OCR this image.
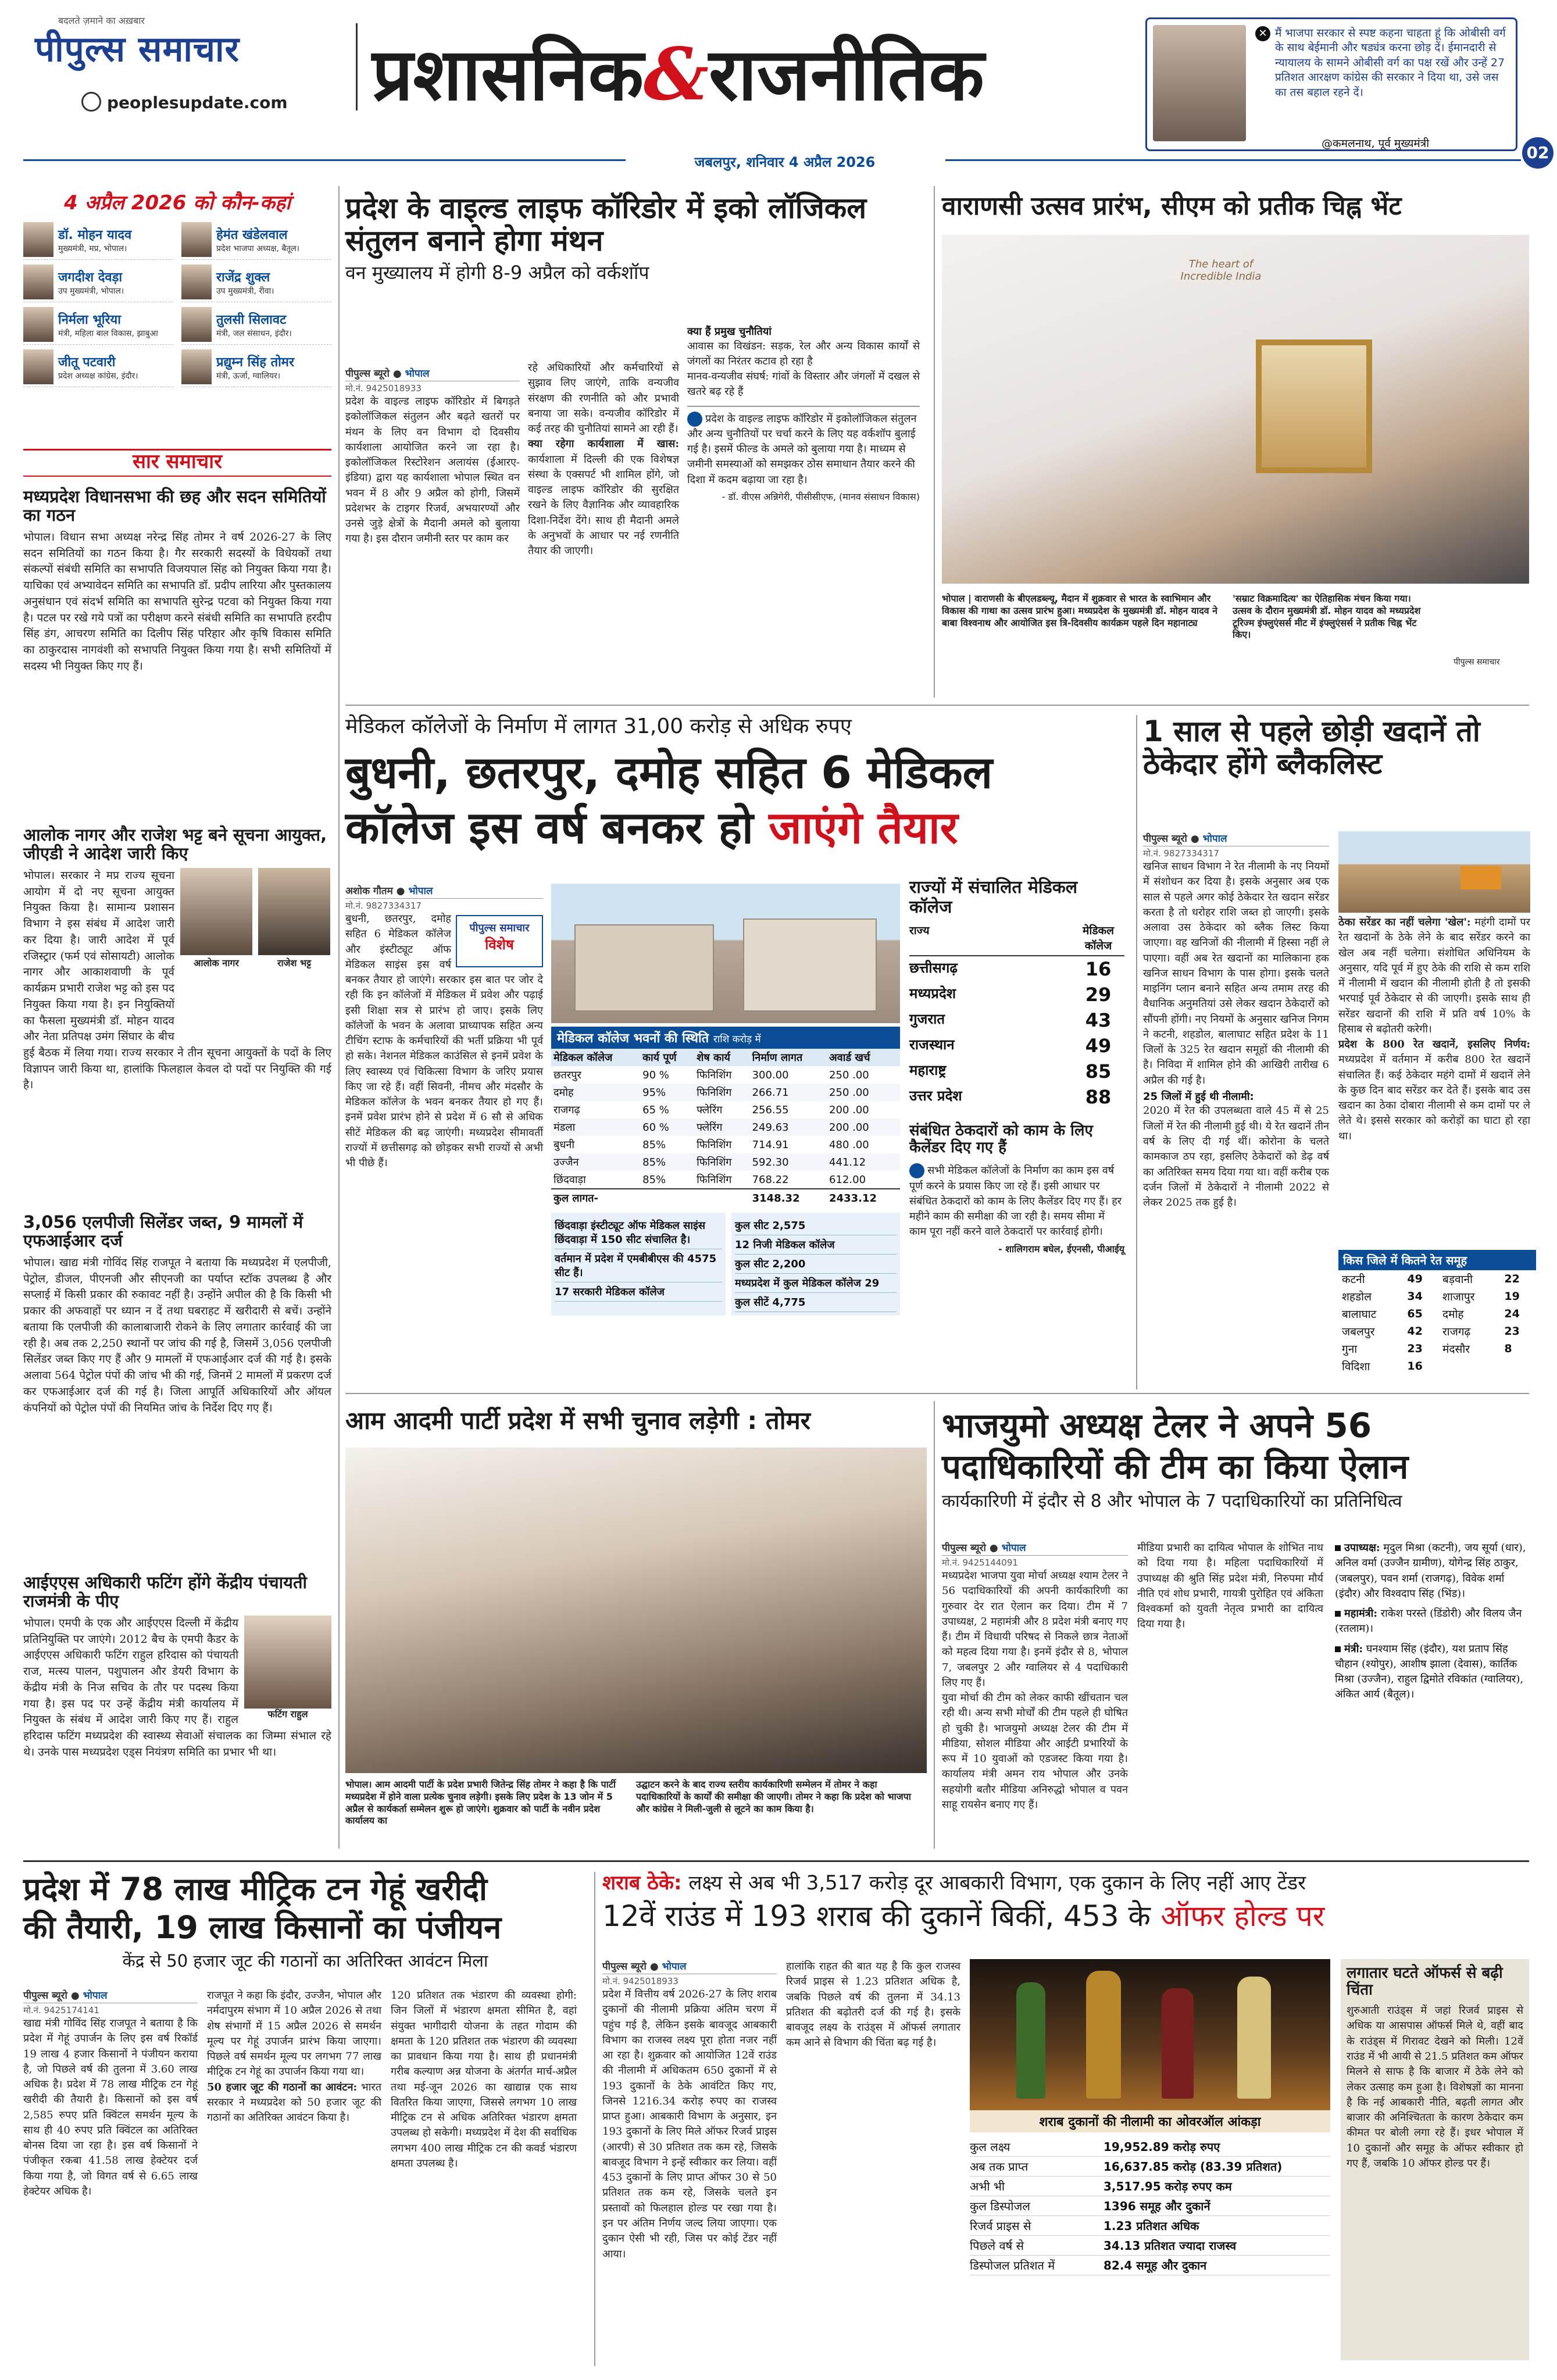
बदलते ज़माने का अख़बार
पीपुल्स समाचार
peoplesupdate.com प्रशासनिक&राजनीतिक
जबलपुर, शनिवार 4 अप्रैल 2026
✕ मैं भाजपा सरकार से स्पष्ट कहना चाहता हूं कि ओबीसी वर्ग के साथ बेईमानी और षड्यंत्र करना छोड़ दें। ईमानदारी से न्यायालय के सामने ओबीसी वर्ग का पक्ष रखें और उन्हें 27 प्रतिशत आरक्षण कांग्रेस की सरकार ने दिया था, उसे जस का तस बहाल रहने दें।
@कमलनाथ, पूर्व मुख्यमंत्री	02
4 अप्रैल 2026 को कौन-कहां
डॉ. मोहन यादव
मुख्यमंत्री, मप्र, भोपाल।
हेमंत खंडेलवाल
प्रदेश भाजपा अध्यक्ष, बैतूल।
जगदीश देवड़ा
उप मुख्यमंत्री, भोपाल।
राजेंद्र शुक्ल
उप मुख्यमंत्री, रीवा।
निर्मला भूरिया
मंत्री, महिला बाल विकास, झाबुआ
तुलसी सिलावट
मंत्री, जल संसाधन, इंदौर।
जीतू पटवारी
प्रदेश अध्यक्ष कांग्रेस, इंदौर।
प्रद्युम्न सिंह तोमर
मंत्री, ऊर्जा, ग्वालियर।
सार समाचार
मध्यप्रदेश विधानसभा की छह और सदन समितियों का गठन
भोपाल। विधान सभा अध्यक्ष नरेन्द्र सिंह तोमर ने वर्ष 2026-27 के लिए सदन समितियों का गठन किया है। गैर सरकारी सदस्यों के विधेयकों तथा संकल्पों संबंधी समिति का सभापति विजयपाल सिंह को नियुक्त किया गया है। याचिका एवं अभ्यावेदन समिति का सभापति डॉ. प्रदीप लारिया और पुस्तकालय अनुसंधान एवं संदर्भ समिति का सभापति सुरेन्द्र पटवा को नियुक्त किया गया है। पटल पर रखे गये पत्रों का परीक्षण करने संबंधी समिति का सभापति हरदीप सिंह डंग, आचरण समिति का दिलीप सिंह परिहार और कृषि विकास समिति का ठाकुरदास नागवंशी को सभापति नियुक्त किया गया है। सभी समितियों में सदस्य भी नियुक्त किए गए हैं।
आलोक नागर और राजेश भट्ट बने सूचना आयुक्त, जीएडी ने आदेश जारी किए
आलोक नागर	राजेश भट्ट
भोपाल। सरकार ने मप्र राज्य सूचना आयोग में दो नए सूचना आयुक्त नियुक्त किया है। सामान्य प्रशासन विभाग ने इस संबंध में आदेश जारी कर दिया है। जारी आदेश में पूर्व रजिस्ट्रार (फर्म एवं सोसायटी) आलोक नागर और आकाशवाणी के पूर्व कार्यक्रम प्रभारी राजेश भट्ट को इस पद नियुक्त किया गया है। इन नियुक्तियों का फैसला मुख्यमंत्री डॉ. मोहन यादव और नेता प्रतिपक्ष उमंग सिंघार के बीच हुई बैठक में लिया गया। राज्य सरकार ने तीन सूचना आयुक्तों के पदों के लिए विज्ञापन जारी किया था, हालांकि फिलहाल केवल दो पदों पर नियुक्ति की गई है।
3,056 एलपीजी सिलेंडर जब्त, 9 मामलों में एफआईआर दर्ज
भोपाल। खाद्य मंत्री गोविंद सिंह राजपूत ने बताया कि मध्यप्रदेश में एलपीजी, पेट्रोल, डीजल, पीएनजी और सीएनजी का पर्याप्त स्टॉक उपलब्ध है और सप्लाई में किसी प्रकार की रुकावट नहीं है। उन्होंने अपील की है कि किसी भी प्रकार की अफवाहों पर ध्यान न दें तथा घबराहट में खरीदारी से बचें। उन्होंने बताया कि एलपीजी की कालाबाजारी रोकने के लिए लगातार कार्रवाई की जा रही है। अब तक 2,250 स्थानों पर जांच की गई है, जिसमें 3,056 एलपीजी सिलेंडर जब्त किए गए हैं और 9 मामलों में एफआईआर दर्ज की गई है। इसके अलावा 564 पेट्रोल पंपों की जांच भी की गई, जिनमें 2 मामलों में प्रकरण दर्ज कर एफआईआर दर्ज की गई है। जिला आपूर्ति अधिकारियों और ऑयल कंपनियों को पेट्रोल पंपों की नियमित जांच के निर्देश दिए गए हैं।
आईएएस अधिकारी फटिंग होंगे केंद्रीय पंचायती राजमंत्री के पीए
फटिंग राहुल
भोपाल। एमपी के एक और आईएएस दिल्ली में केंद्रीय प्रतिनियुक्ति पर जाएंगे। 2012 बैच के एमपी कैडर के आईएएस अधिकारी फटिंग राहुल हरिदास को पंचायती राज, मत्स्य पालन, पशुपालन और डेयरी विभाग के केंद्रीय मंत्री के निज सचिव के तौर पर पदस्थ किया गया है। इस पद पर उन्हें केंद्रीय मंत्री कार्यालय में नियुक्त के संबंध में आदेश जारी किए गए हैं। राहुल हरिदास फटिंग मध्यप्रदेश की स्वास्थ्य सेवाओं संचालक का जिम्मा संभाल रहे थे। उनके पास मध्यप्रदेश एड्स नियंत्रण समिति का प्रभार भी था।
प्रदेश के वाइल्ड लाइफ कॉरिडोर में इको लॉजिकल संतुलन बनाने होगा मंथन
वन मुख्यालय में होगी 8-9 अप्रैल को वर्कशॉप
पीपुल्स ब्यूरो ● भोपाल
मो.नं. 9425018933
प्रदेश के वाइल्ड लाइफ कॉरिडोर में बिगड़ते इकोलॉजिकल संतुलन और बढ़ते खतरों पर मंथन के लिए वन विभाग दो दिवसीय कार्यशाला आयोजित करने जा रहा है। इकोलॉजिकल रिस्टोरेशन अलायंस (ईआरए-इंडिया) द्वारा यह कार्यशाला भोपाल स्थित वन भवन में 8 और 9 अप्रैल को होगी, जिसमें प्रदेशभर के टाइगर रिजर्व, अभयारण्यों और उनसे जुड़े क्षेत्रों के मैदानी अमले को बुलाया गया है। इस दौरान जमीनी स्तर पर काम कर
रहे अधिकारियों और कर्मचारियों से सुझाव लिए जाएंगे, ताकि वन्यजीव संरक्षण की रणनीति को और प्रभावी बनाया जा सके। वन्यजीव कॉरिडोर में कई तरह की चुनौतियां सामने आ रही हैं।
क्या रहेगा कार्यशाला में खास: कार्यशाला में दिल्ली की एक विशेषज्ञ संस्था के एक्सपर्ट भी शामिल होंगे, जो वाइल्ड लाइफ कॉरिडोर की सुरक्षित रखने के लिए वैज्ञानिक और व्यावहारिक दिशा-निर्देश देंगे। साथ ही मैदानी अमले के अनुभवों के आधार पर नई रणनीति तैयार की जाएगी।
क्या हैं प्रमुख चुनौतियां
आवास का विखंडन: सड़क, रेल और अन्य विकास कार्यों से जंगलों का निरंतर कटाव हो रहा है
मानव-वन्यजीव संघर्ष: गांवों के विस्तार और जंगलों में दखल से खतरे बढ़ रहे हैं
प्रदेश के वाइल्ड लाइफ कॉरिडोर में इकोलॉजिकल संतुलन और अन्य चुनौतियों पर चर्चा करने के लिए यह वर्कशॉप बुलाई गई है। इसमें फील्ड के अमले को बुलाया गया है। माध्यम से जमीनी समस्याओं को समझकर ठोस समाधान तैयार करने की दिशा में कदम बढ़ाया जा रहा है।
- डॉ. वीएस अन्निगेरी, पीसीसीएफ, (मानव संसाधन विकास)
वाराणसी उत्सव प्रारंभ, सीएम को प्रतीक चिह्न भेंट
The heart of Incredible India
भोपाल | वाराणसी के बीएलडब्ल्यू, मैदान में शुक्रवार से भारत के स्वाभिमान और विकास की गाथा का उत्सव प्रारंभ हुआ। मध्यप्रदेश के मुख्यमंत्री डॉ. मोहन यादव ने बाबा विश्वनाथ और आयोजित इस त्रि-दिवसीय कार्यक्रम पहले दिन महानाट्य
'सम्राट विक्रमादित्य' का ऐतिहासिक मंचन किया गया। उत्सव के दौरान मुख्यमंत्री डॉ. मोहन यादव को मध्यप्रदेश टूरिज्म इंफ्लुएंसर्स मीट में इंफ्लुएंसर्स ने प्रतीक चिह्न भेंट किए।
पीपुल्स समाचार
मेडिकल कॉलेजों के निर्माण में लागत 31,00 करोड़ से अधिक रुपए
बुधनी, छतरपुर, दमोह सहित 6 मेडिकल
कॉलेज इस वर्ष बनकर हो जाएंगे तैयार
अशोक गौतम ● भोपाल
मो.नं. 9827334317
पीपुल्स समाचार
विशेष
बुधनी, छतरपुर, दमोह सहित 6 मेडिकल कॉलेज और इंस्टीट्यूट ऑफ मेडिकल साइंस इस वर्ष बनकर तैयार हो जाएंगे। सरकार इस बात पर जोर दे रही कि इन कॉलेजों में मेडिकल में प्रवेश और पढ़ाई इसी शिक्षा सत्र से प्रारंभ हो जाए। इसके लिए कॉलेजों के भवन के अलावा प्राध्यापक सहित अन्य टीचिंग स्टाफ के कर्मचारियों की भर्ती प्रक्रिया भी पूर्व हो सके। नेशनल मेडिकल काउंसिल से इनमें प्रवेश के लिए स्वास्थ्य एवं चिकित्सा विभाग के जरिए प्रयास किए जा रहे हैं। वहीं सिवनी, नीमच और मंदसौर के मेडिकल कॉलेज के भवन बनकर तैयार हो गए हैं। इनमें प्रवेश प्रारंभ होने से प्रदेश में 6 सौ से अधिक सीटें मेडिकल की बढ़ जाएंगी। मध्यप्रदेश सीमावर्ती राज्यों में छत्तीसगढ़ को छोड़कर सभी राज्यों से अभी भी पीछे हैं।
मेडिकल कॉलेज भवनों की स्थिति राशि करोड़ में
मेडिकल कॉलेज	कार्य पूर्ण	शेष कार्य	निर्माण लागत	अवार्ड खर्च
छतरपुर	90 %	फिनिशिंग	300.00	250 .00
दमोह	95%	फिनिशिंग	266.71	250 .00
राजगढ़	65 %	फ्लेरिंग	256.55	200 .00
मंडला	60 %	फ्लेरिंग	249.63	200 .00
बुधनी	85%	फिनिशिंग	714.91	480 .00
उज्जैन	85%	फिनिशिंग	592.30	441.12
छिंदवाड़ा	85%	फिनिशिंग	768.22	612.00
कुल लागत-			3148.32	2433.12
छिंदवाड़ा इंस्टीट्यूट ऑफ मेडिकल साइंस छिंदवाड़ा में 150 सीट संचालित है।
वर्तमान में प्रदेश में एमबीबीएस की 4575 सीट हैं।
17 सरकारी मेडिकल कॉलेज
कुल सीट 2,575
12 निजी मेडिकल कॉलेज
कुल सीट 2,200
मध्यप्रदेश में कुल मेडिकल कॉलेज 29
कुल सीटें 4,775
राज्यों में संचालित मेडिकल कॉलेज
राज्य	मेडिकल कॉलेज
छत्तीसगढ़	16
मध्यप्रदेश	29
गुजरात	43
राजस्थान	49
महाराष्ट्र	85
उत्तर प्रदेश	88
संबंधित ठेकदारों को काम के लिए कैलेंडर दिए गए हैं
सभी मेडिकल कॉलेजों के निर्माण का काम इस वर्ष पूर्ण करने के प्रयास किए जा रहे हैं। इसी आधार पर संबंधित ठेकदारों को काम के लिए कैलेंडर दिए गए हैं। हर महीने काम की समीक्षा की जा रही है। समय सीमा में काम पूरा नहीं करने वाले ठेकदारों पर कार्रवाई होगी।
- शालिगराम बघेल, ईएनसी, पीआईयू
1 साल से पहले छोड़ी खदानें तो ठेकेदार होंगे ब्लैकलिस्ट
पीपुल्स ब्यूरो ● भोपाल
मो.नं. 9827334317
खनिज साधन विभाग ने रेत नीलामी के नए नियमों में संशोधन कर दिया है। इसके अनुसार अब एक साल से पहले अगर कोई ठेकेदार रेत खदान सरेंडर करता है तो धरोहर राशि जब्त हो जाएगी। इसके अलावा उस ठेकेदार को ब्लैक लिस्ट किया जाएगा। वह खनिजों की नीलामी में हिस्सा नहीं ले पाएगा। वहीं अब रेत खदानों का मालिकाना हक खनिज साधन विभाग के पास होगा। इसके चलते माइनिंग प्लान बनाने सहित अन्य तमाम तरह की वैधानिक अनुमतियां उसे लेकर खदान ठेकेदारों को सौंपनी होंगी। नए नियमों के अनुसार खनिज निगम ने कटनी, शहडोल, बालाघाट सहित प्रदेश के 11 जिलों के 325 रेत खदान समूहों की नीलामी की है। निविदा में शामिल होने की आखिरी तारीख 6 अप्रैल की गई है।
25 जिलों में हुई थी नीलामी:
2020 में रेत की उपलब्धता वाले 45 में से 25 जिलों में रेत की नीलामी हुई थी। ये रेत खदानें तीन वर्ष के लिए दी गई थीं। कोरोना के चलते कामकाज ठप रहा, इसलिए ठेकेदारों को डेढ़ वर्ष का अतिरिक्त समय दिया गया था। वहीं करीब एक दर्जन जिलों में ठेकेदारों ने नीलामी 2022 से लेकर 2025 तक हुई है।
ठेका सरेंडर का नहीं चलेगा 'खेल': महंगी दामों पर रेत खदानों के ठेके लेने के बाद सरेंडर करने का खेल अब नहीं चलेगा। संशोधित अधिनियम के अनुसार, यदि पूर्व में हुए ठेके की राशि से कम राशि में नीलामी में खदान की नीलामी होती है तो इसकी भरपाई पूर्व ठेकेदार से की जाएगी। इसके साथ ही सरेंडर खदानों की राशि में प्रति वर्ष 10% के हिसाब से बढ़ोतरी करेगी।
प्रदेश के 800 रेत खदानें, इसलिए निर्णय: मध्यप्रदेश में वर्तमान में करीब 800 रेत खदानें संचालित हैं। कई ठेकेदार महंगे दामों में खदानें लेने के कुछ दिन बाद सरेंडर कर देते हैं। इसके बाद उस खदान का ठेका दोबारा नीलामी से कम दामों पर ले लेते थे। इससे सरकार को करोड़ों का घाटा हो रहा था।
किस जिले में कितने रेत समूह
कटनी	49	बड़वानी	22
शहडोल	34	शाजापुर	19
बालाघाट	65	दमोह	24
जबलपुर	42	राजगढ़	23
गुना	23	मंदसौर	8
विदिशा	16		
आम आदमी पार्टी प्रदेश में सभी चुनाव लड़ेगी : तोमर
भोपाल। आम आदमी पार्टी के प्रदेश प्रभारी जितेन्द्र सिंह तोमर ने कहा है कि पार्टी मध्यप्रदेश में होने वाला प्रत्येक चुनाव लड़ेगी। इसके लिए प्रदेश के 13 जोन में 5 अप्रैल से कार्यकर्ता सम्मेलन शुरू हो जाएंगे। शुक्रवार को पार्टी के नवीन प्रदेश कार्यालय का
उद्घाटन करने के बाद राज्य स्तरीय कार्यकारिणी सम्मेलन में तोमर ने कहा पदाधिकारियों के कार्यों की समीक्षा की जाएगी। तोमर ने कहा कि प्रदेश को भाजपा और कांग्रेस ने मिली-जुली से लूटने का काम किया है।
भाजयुमो अध्यक्ष टेलर ने अपने 56
पदाधिकारियों की टीम का किया ऐलान
कार्यकारिणी में इंदौर से 8 और भोपाल के 7 पदाधिकारियों का प्रतिनिधित्व
पीपुल्स ब्यूरो ● भोपाल
मो.नं. 9425144091
मध्यप्रदेश भाजपा युवा मोर्चा अध्यक्ष श्याम टेलर ने 56 पदाधिकारियों की अपनी कार्यकारिणी का गुरुवार देर रात ऐलान कर दिया। टीम में 7 उपाध्यक्ष, 2 महामंत्री और 8 प्रदेश मंत्री बनाए गए हैं। टीम में विधायी परिषद से निकले छात्र नेताओं को महत्व दिया गया है। इनमें इंदौर से 8, भोपाल 7, जबलपुर 2 और ग्वालियर से 4 पदाधिकारी लिए गए हैं।
युवा मोर्चा की टीम को लेकर काफी खींचतान चल रही थी। अन्य सभी मोर्चों की टीम पहले ही घोषित हो चुकी है। भाजयुमो अध्यक्ष टेलर की टीम में मीडिया, सोशल मीडिया और आईटी प्रभारियों के रूप में 10 युवाओं को एडजस्ट किया गया है। कार्यालय मंत्री अमन राय भोपाल और उनके सहयोगी बतौर मीडिया अनिरुद्धो भोपाल व पवन साहू रायसेन बनाए गए हैं।
मीडिया प्रभारी का दायित्व भोपाल के शोभित नाथ को दिया गया है। महिला पदाधिकारियों में उपाध्यक्ष की श्रुति सिंह प्रदेश मंत्री, निरुपमा मौर्य नीति एवं शोध प्रभारी, गायत्री पुरोहित एवं अंकिता विश्वकर्मा को युवती नेतृत्व प्रभारी का दायित्व दिया गया है।
उपाध्यक्ष: मृदुल मिश्रा (कटनी), जय सूर्या (धार), अनिल वर्मा (उज्जैन ग्रामीण), योगेन्द्र सिंह ठाकुर, (जबलपुर), पवन शर्मा (राजगढ़), विवेक शर्मा (इंदौर) और विश्वदाप सिंह (भिंड)।
महामंत्री: राकेश परस्ते (डिंडोरी) और विलय जैन (रतलाम)।
मंत्री: घनश्याम सिंह (इंदौर), यश प्रताप सिंह चौहान (श्योपुर), आशीष झाला (देवास), कार्तिक मिश्रा (उज्जैन), राहुल द्विमोते रविकांत (ग्वालियर), अंकित आर्य (बैतूल)।
प्रदेश में 78 लाख मीट्रिक टन गेहूं खरीदी
की तैयारी, 19 लाख किसानों का पंजीयन
केंद्र से 50 हजार जूट की गठानों का अतिरिक्त आवंटन मिला
पीपुल्स ब्यूरो ● भोपाल
मो.नं. 9425174141
खाद्य मंत्री गोविंद सिंह राजपूत ने बताया है कि प्रदेश में गेहूं उपार्जन के लिए इस वर्ष रिकॉर्ड 19 लाख 4 हजार किसानों ने पंजीयन कराया है, जो पिछले वर्ष की तुलना में 3.60 लाख अधिक है। प्रदेश में 78 लाख मीट्रिक टन गेहूं खरीदी की तैयारी है। किसानों को इस वर्ष 2,585 रुपए प्रति क्विंटल समर्थन मूल्य के साथ ही 40 रुपए प्रति क्विंटल का अतिरिक्त बोनस दिया जा रहा है। इस वर्ष किसानों ने पंजीकृत रकबा 41.58 लाख हेक्टेयर दर्ज किया गया है, जो विगत वर्ष से 6.65 लाख हेक्टेयर अधिक है।
राजपूत ने कहा कि इंदौर, उज्जैन, भोपाल और नर्मदापुरम संभाग में 10 अप्रैल 2026 से तथा शेष संभागों में 15 अप्रैल 2026 से समर्थन मूल्य पर गेहूं उपार्जन प्रारंभ किया जाएगा। पिछले वर्ष समर्थन मूल्य पर लगभग 77 लाख मीट्रिक टन गेहूं का उपार्जन किया गया था।
50 हजार जूट की गठानों का आवंटन: भारत सरकार ने मध्यप्रदेश को 50 हजार जूट की गठानों का अतिरिक्त आवंटन किया है।
120 प्रतिशत तक भंडारण की व्यवस्था होगी: जिन जिलों में भंडारण क्षमता सीमित है, वहां संयुक्त भागीदारी योजना के तहत गोदाम की क्षमता के 120 प्रतिशत तक भंडारण की व्यवस्था का प्रावधान किया गया है। साथ ही प्रधानमंत्री गरीब कल्याण अन्न योजना के अंतर्गत मार्च-अप्रैल तथा मई-जून 2026 का खाद्यान्न एक साथ वितरित किया जाएगा, जिससे लगभग 10 लाख मीट्रिक टन से अधिक अतिरिक्त भंडारण क्षमता उपलब्ध हो सकेगी। मध्यप्रदेश में देश की सर्वाधिक लगभग 400 लाख मीट्रिक टन की कवर्ड भंडारण क्षमता उपलब्ध है।
शराब ठेके: लक्ष्य से अब भी 3,517 करोड़ दूर आबकारी विभाग, एक दुकान के लिए नहीं आए टेंडर
12वें राउंड में 193 शराब की दुकानें बिकीं, 453 के ऑफर होल्ड पर
पीपुल्स ब्यूरो ● भोपाल
मो.नं. 9425018933
प्रदेश में वित्तीय वर्ष 2026-27 के लिए शराब दुकानों की नीलामी प्रक्रिया अंतिम चरण में पहुंच गई है, लेकिन इसके बावजूद आबकारी विभाग का राजस्व लक्ष्य पूरा होता नजर नहीं आ रहा है। शुक्रवार को आयोजित 12वें राउंड की नीलामी में अधिकतम 650 दुकानों में से 193 दुकानों के ठेके आवंटित किए गए, जिनसे 1216.34 करोड़ रुपए का राजस्व प्राप्त हुआ। आबकारी विभाग के अनुसार, इन 193 दुकानों के लिए मिले ऑफर रिजर्व प्राइस (आरपी) से 30 प्रतिशत तक कम रहे, जिसके बावजूद विभाग ने इन्हें स्वीकार कर लिया। वहीं 453 दुकानों के लिए प्राप्त ऑफर 30 से 50 प्रतिशत तक कम रहे, जिसके चलते इन प्रस्तावों को फिलहाल होल्ड पर रखा गया है। इन पर अंतिम निर्णय जल्द लिया जाएगा। एक दुकान ऐसी भी रही, जिस पर कोई टेंडर नहीं आया।
हालांकि राहत की बात यह है कि कुल राजस्व रिजर्व प्राइस से 1.23 प्रतिशत अधिक है, जबकि पिछले वर्ष की तुलना में 34.13 प्रतिशत की बढ़ोतरी दर्ज की गई है। इसके बावजूद लक्ष्य के राउंड्स में ऑफर्स लगातार कम आने से विभाग की चिंता बढ़ गई है।
शराब दुकानों की नीलामी का ओवरऑल आंकड़ा
कुल लक्ष्य	19,952.89 करोड़ रुपए
अब तक प्राप्त	16,637.85 करोड़ (83.39 प्रतिशत)
अभी भी	3,517.95 करोड़ रुपए कम
कुल डिस्पोजल	1396 समूह और दुकानें
रिजर्व प्राइस से	1.23 प्रतिशत अधिक
पिछले वर्ष से	34.13 प्रतिशत ज्यादा राजस्व
डिस्पोजल प्रतिशत में	82.4 समूह और दुकान
लगातार घटते ऑफर्स से बढ़ी चिंता
शुरुआती राउंड्स में जहां रिजर्व प्राइस से अधिक या आसपास ऑफर्स मिले थे, वहीं बाद के राउंड्स में गिरावट देखने को मिली। 12वें राउंड में भी आयी से 21.5 प्रतिशत कम ऑफर मिलने से साफ है कि बाजार में ठेके लेने को लेकर उत्साह कम हुआ है। विशेषज्ञों का मानना है कि नई आबकारी नीति, बढ़ती लागत और बाजार की अनिश्चितता के कारण ठेकेदार कम कीमत पर बोली लगा रहे हैं। इधर भोपाल में 10 दुकानों और समूह के ऑफर स्वीकार हो गए हैं, जबकि 10 ऑफर होल्ड पर हैं।
